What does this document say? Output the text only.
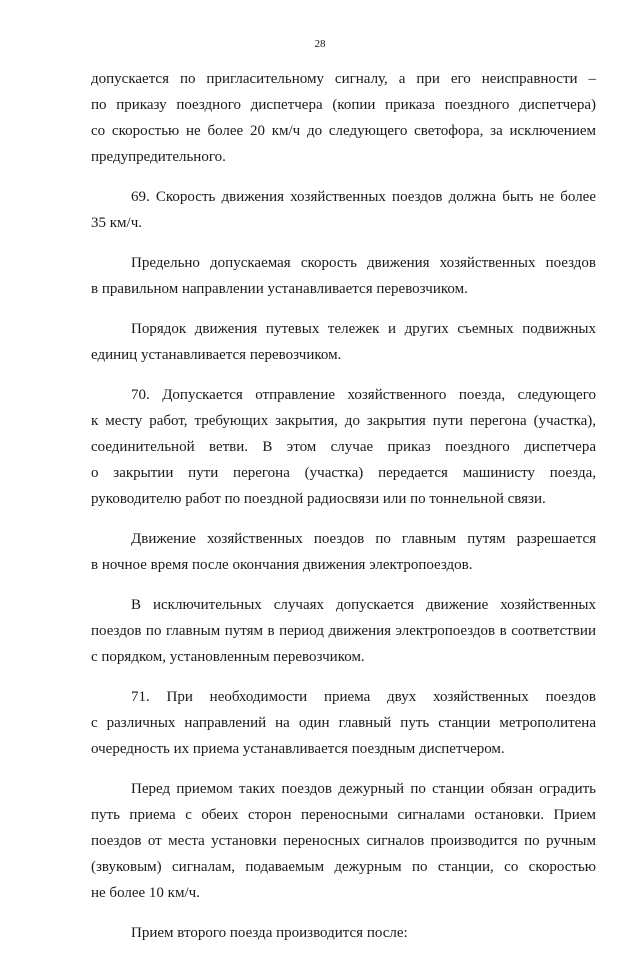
28
допускается по пригласительному сигналу, а при его неисправности –
по приказу поездного диспетчера (копии приказа поездного диспетчера)
со скоростью не более 20 км/ч до следующего светофора, за исключением
предупредительного.
69. Скорость движения хозяйственных поездов должна быть не более
35 км/ч.
Предельно допускаемая скорость движения хозяйственных поездов
в правильном направлении устанавливается перевозчиком.
Порядок движения путевых тележек и других съемных подвижных
единиц устанавливается перевозчиком.
70. Допускается отправление хозяйственного поезда, следующего
к месту работ, требующих закрытия, до закрытия пути перегона (участка),
соединительной ветви. В этом случае приказ поездного диспетчера
о закрытии пути перегона (участка) передается машинисту поезда,
руководителю работ по поездной радиосвязи или по тоннельной связи.
Движение хозяйственных поездов по главным путям разрешается
в ночное время после окончания движения электропоездов.
В исключительных случаях допускается движение хозяйственных
поездов по главным путям в период движения электропоездов в соответствии
с порядком, установленным перевозчиком.
71. При необходимости приема двух хозяйственных поездов
с различных направлений на один главный путь станции метрополитена
очередность их приема устанавливается поездным диспетчером.
Перед приемом таких поездов дежурный по станции обязан оградить
путь приема с обеих сторон переносными сигналами остановки. Прием
поездов от места установки переносных сигналов производится по ручным
(звуковым) сигналам, подаваемым дежурным по станции, со скоростью
не более 10 км/ч.
Прием второго поезда производится после:
